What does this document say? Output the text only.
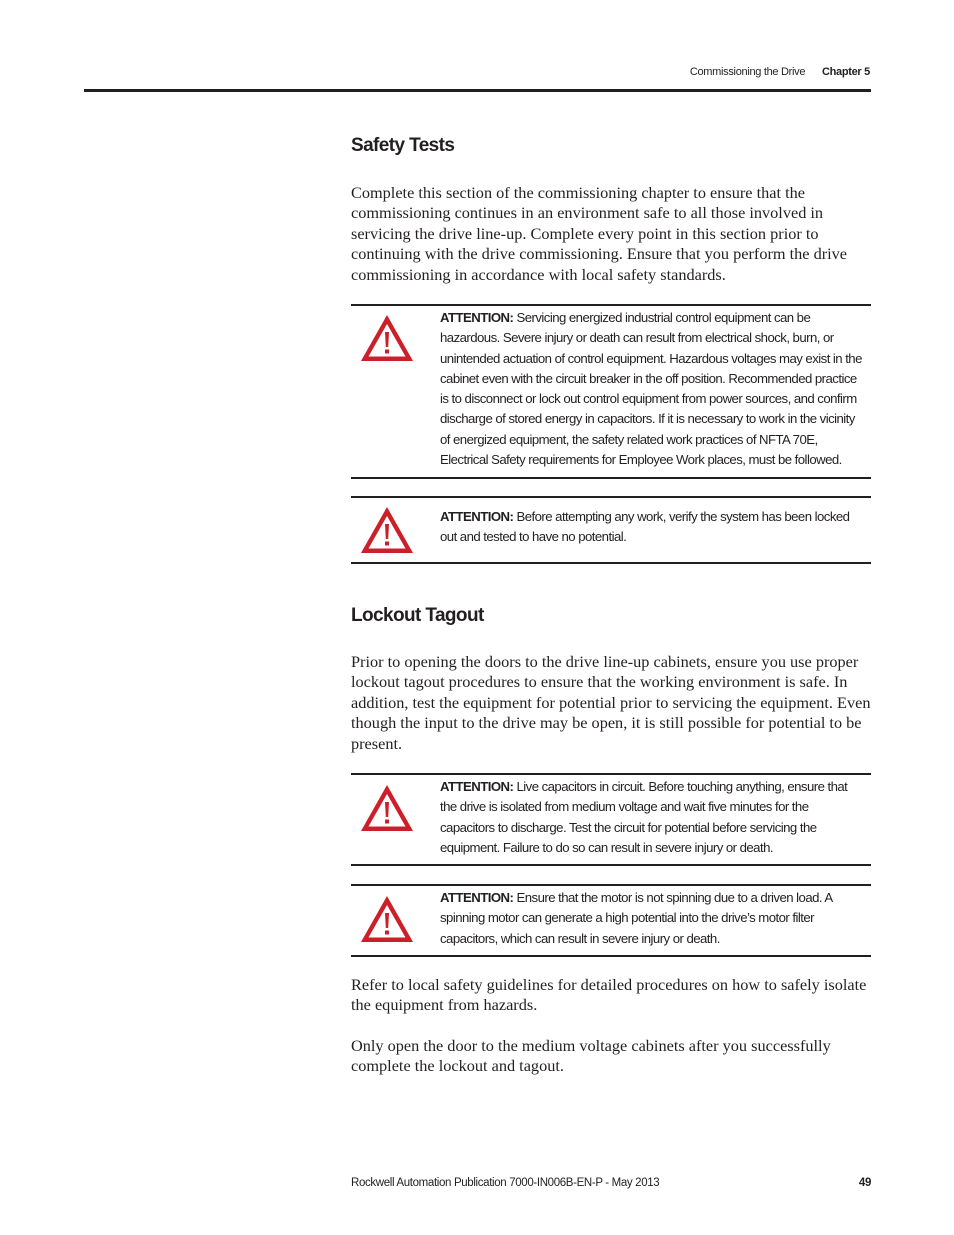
Commissioning the Drive Chapter 5
Safety Tests

Complete this section of the commissioning chapter to ensure that the commissioning continues in an environment safe to all those involved in servicing the drive line-up. Complete every point in this section prior to continuing with the drive commissioning. Ensure that you perform the drive commissioning in accordance with local safety standards.

ATTENTION: Servicing energized industrial control equipment can be hazardous. Severe injury or death can result from electrical shock, burn, or unintended actuation of control equipment. Hazardous voltages may exist in the cabinet even with the circuit breaker in the off position. Recommended practice is to disconnect or lock out control equipment from power sources, and confirm discharge of stored energy in capacitors. If it is necessary to work in the vicinity of energized equipment, the safety related work practices of NFTA 70E, Electrical Safety requirements for Employee Work places, must be followed.

ATTENTION: Before attempting any work, verify the system has been locked out and tested to have no potential.

Lockout Tagout

Prior to opening the doors to the drive line-up cabinets, ensure you use proper lockout tagout procedures to ensure that the working environment is safe. In addition, test the equipment for potential prior to servicing the equipment. Even though the input to the drive may be open, it is still possible for potential to be present.

ATTENTION: Live capacitors in circuit. Before touching anything, ensure that the drive is isolated from medium voltage and wait five minutes for the capacitors to discharge. Test the circuit for potential before servicing the equipment. Failure to do so can result in severe injury or death.

ATTENTION: Ensure that the motor is not spinning due to a driven load. A spinning motor can generate a high potential into the drive’s motor filter capacitors, which can result in severe injury or death.

Refer to local safety guidelines for detailed procedures on how to safely isolate the equipment from hazards.

Only open the door to the medium voltage cabinets after you successfully complete the lockout and tagout.

Rockwell Automation Publication 7000-IN006B-EN-P - May 2013	49
